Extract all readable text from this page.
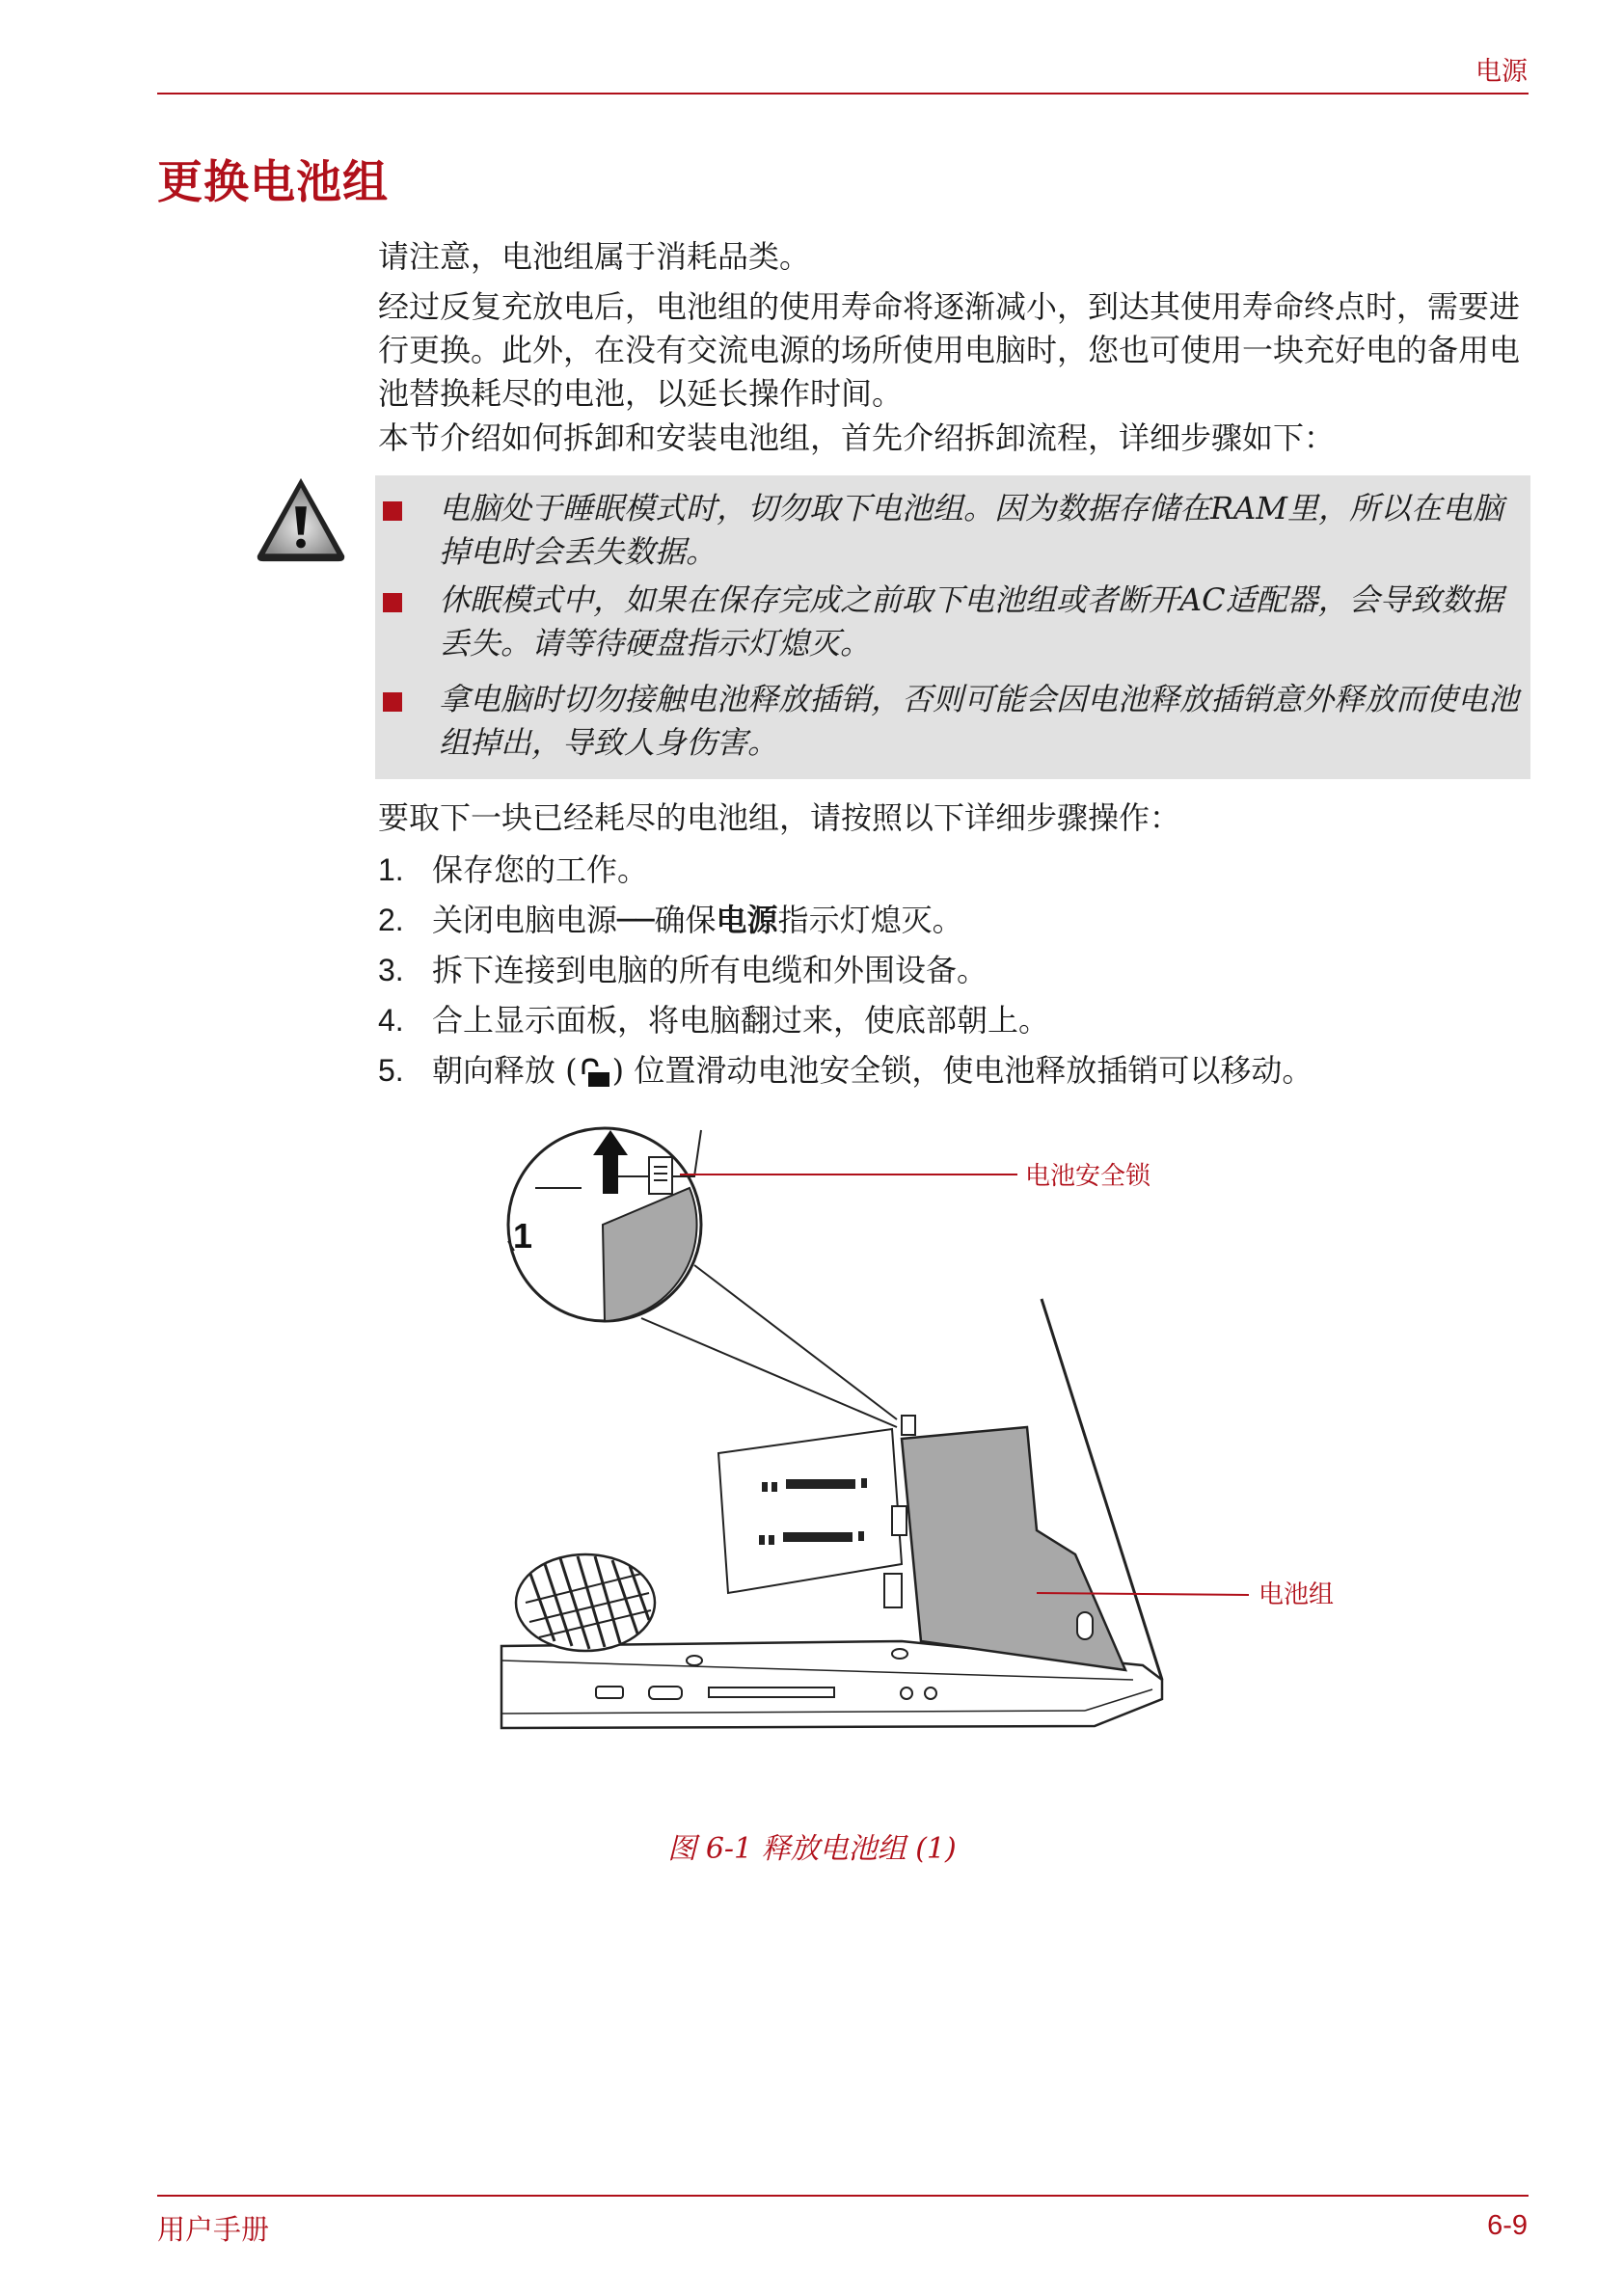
电源
更换电池组
请注意，电池组属于消耗品类。
经过反复充放电后，电池组的使用寿命将逐渐减小，到达其使用寿命终点时，需要进行更换。此外，在没有交流电源的场所使用电脑时，您也可使用一块充好电的备用电池替换耗尽的电池，以延长操作时间。
本节介绍如何拆卸和安装电池组，首先介绍拆卸流程，详细步骤如下：
电脑处于睡眠模式时，切勿取下电池组。因为数据存储在RAM里，所以在电脑掉电时会丢失数据。
休眠模式中，如果在保存完成之前取下电池组或者断开AC适配器，会导致数据丢失。请等待硬盘指示灯熄灭。
拿电脑时切勿接触电池释放插销，否则可能会因电池释放插销意外释放而使电池组掉出，导致人身伤害。
要取下一块已经耗尽的电池组，请按照以下详细步骤操作：
1. 保存您的工作。
2. 关闭电脑电源──确保电源指示灯熄灭。
3. 拆下连接到电脑的所有电缆和外围设备。
4. 合上显示面板，将电脑翻过来，使底部朝上。
5. 朝向释放 ( ) 位置滑动电池安全锁，使电池释放插销可以移动。
1
电池安全锁
电池组
图 6-1 释放电池组 (1)
用户手册	6-9
